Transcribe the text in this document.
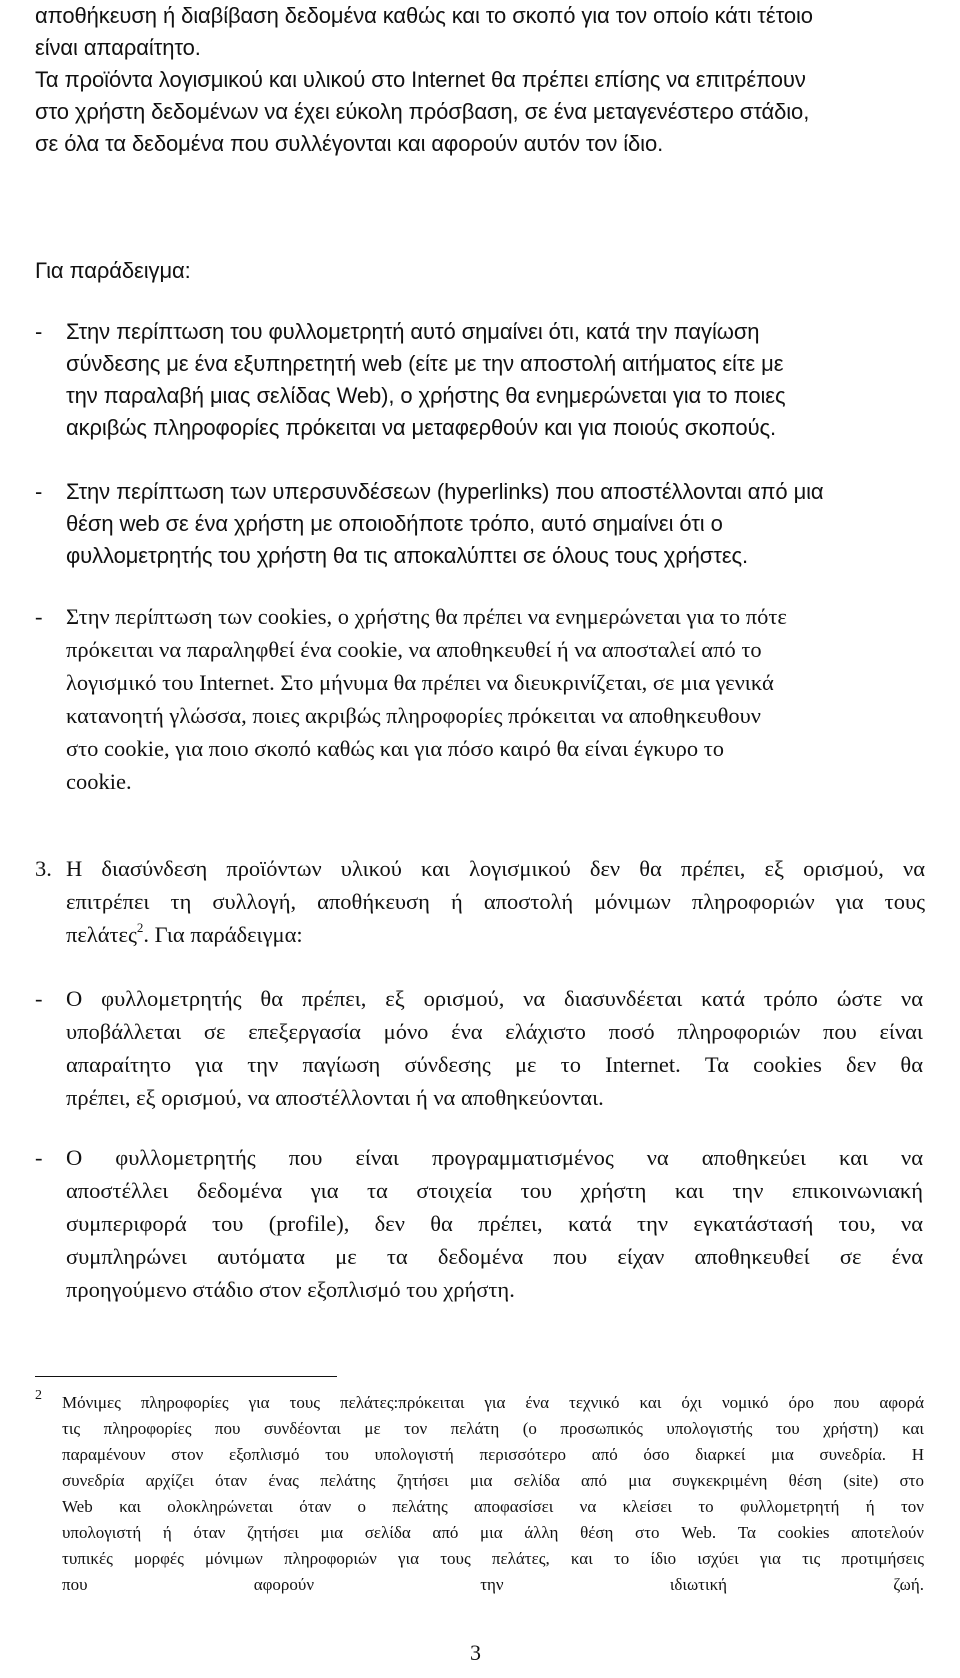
αποθήκευση ή διαβίβαση δεδομένα καθώς και το σκοπό για τον οποίο κάτι τέτοιο
είναι απαραίτητο.
Τα προϊόντα λογισμικού και υλικού στο Internet θα πρέπει επίσης να επιτρέπουν
στο χρήστη δεδομένων να έχει εύκολη πρόσβαση, σε ένα μεταγενέστερο στάδιο,
σε όλα τα δεδομένα που συλλέγονται και αφορούν αυτόν τον ίδιο.
Για παράδειγμα:
-	Στην περίπτωση του φυλλομετρητή αυτό σημαίνει ότι, κατά την παγίωση
σύνδεσης με ένα εξυπηρετητή web (είτε με την αποστολή αιτήματος είτε με
την παραλαβή μιας σελίδας Web), ο χρήστης θα ενημερώνεται για το ποιες
ακριβώς πληροφορίες πρόκειται να μεταφερθούν και για ποιούς σκοπούς.
-	Στην περίπτωση των υπερσυνδέσεων (hyperlinks) που αποστέλλονται από μια
θέση web σε ένα χρήστη με οποιοδήποτε τρόπο, αυτό σημαίνει ότι ο
φυλλομετρητής του χρήστη θα τις αποκαλύπτει σε όλους τους χρήστες.
-	Στην περίπτωση των cookies, ο χρήστης θα πρέπει να ενημερώνεται για το πότε
πρόκειται να παραληφθεί ένα cookie, να αποθηκευθεί ή να αποσταλεί από το
λογισμικό του Internet. Στο μήνυμα θα πρέπει να διευκρινίζεται, σε μια γενικά
κατανοητή γλώσσα, ποιες ακριβώς πληροφορίες πρόκειται να αποθηκευθουν
στο cookie, για ποιο σκοπό καθώς και για πόσο καιρό θα είναι έγκυρο το
cookie.
3. Η διασύνδεση προϊόντων υλικού και λογισμικού δεν θα πρέπει, εξ ορισμού, να
επιτρέπει τη συλλογή, αποθήκευση ή αποστολή μόνιμων πληροφοριών για τους
πελάτες$^2$. Για παράδειγμα:
-	Ο φυλλομετρητής θα πρέπει, εξ ορισμού, να διασυνδέεται κατά τρόπο ώστε να
υποβάλλεται σε επεξεργασία μόνο ένα ελάχιστο ποσό πληροφοριών που είναι
απαραίτητο για την παγίωση σύνδεσης με το Internet. Τα cookies δεν θα
πρέπει, εξ ορισμού, να αποστέλλονται ή να αποθηκεύονται.
-	Ο φυλλομετρητής που είναι προγραμματισμένος να αποθηκεύει και να
αποστέλλει δεδομένα για τα στοιχεία του χρήστη και την επικοινωνιακή
συμπεριφορά του (profile), δεν θα πρέπει, κατά την εγκατάστασή του, να
συμπληρώνει αυτόματα με τα δεδομένα που είχαν αποθηκευθεί σε ένα
προηγούμενο στάδιο στον εξοπλισμό του χρήστη.
2 Μόνιμες πληροφορίες για τους πελάτες:πρόκειται για ένα τεχνικό και όχι νομικό όρο που αφορά
τις πληροφορίες που συνδέονται με τον πελάτη (ο προσωπικός υπολογιστής του χρήστη) και
παραμένουν στον εξοπλισμό του υπολογιστή περισσότερο από όσο διαρκεί μια συνεδρία. Η
συνεδρία αρχίζει όταν ένας πελάτης ζητήσει μια σελίδα από μια συγκεκριμένη θέση (site) στο
Web και ολοκληρώνεται όταν ο πελάτης αποφασίσει να κλείσει το φυλλομετρητή ή τον
υπολογιστή ή όταν ζητήσει μια σελίδα από μια άλλη θέση στο Web. Τα cookies αποτελούν
τυπικές μορφές μόνιμων πληροφοριών για τους πελάτες, και το ίδιο ισχύει για τις προτιμήσεις
που αφορούν την ιδιωτική ζωή.
3
